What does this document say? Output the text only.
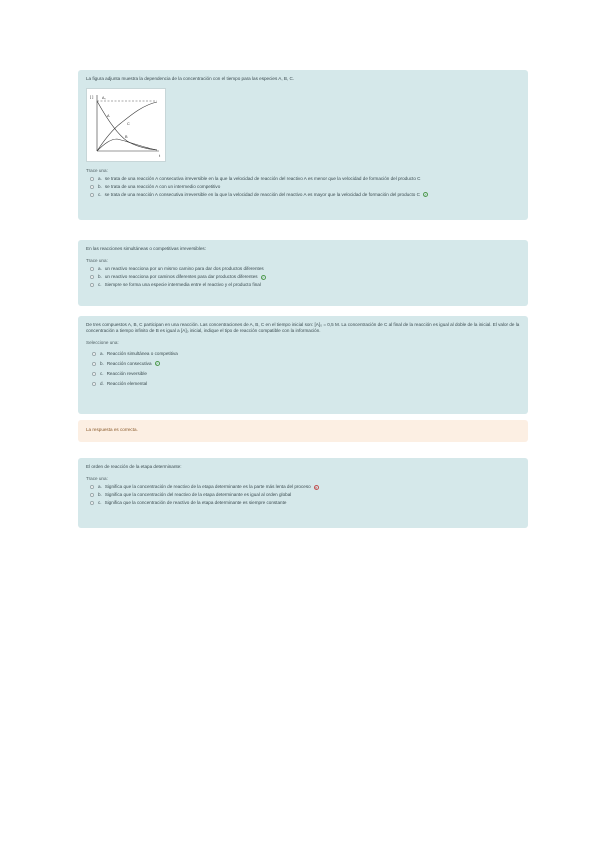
La figura adjunta muestra la dependencia de la concentración con el tiempo para las especies A, B, C.

[ ]
t
A₀
A
C
B
Trace una:
a. se trata de una reacción A consecutiva irreversible en la que la velocidad de reacción del reactivo A es menor que la velocidad de formación del producto C
b. se trata de una reacción A con un intermedio competitivo
c. se trata de una reacción A consecutiva irreversible en la que la velocidad de reacción del reactivo A es mayor que la velocidad de formación del producto C ✓

En las reacciones simultáneas o competitivas irreversibles:

Trace una:
a. un reactivo reacciona por un mismo camino para dar dos productos diferentes
b. un reactivo reacciona por caminos diferentes para dar productos diferentes ✓
c. Siempre se forma una especie intermedia entre el reactivo y el producto final

De tres compuestos A, B, C participan en una reacción. Las concentraciones de A, B, C en el tiempo inicial son: [A]₀ = 0,5 M. La concentración de C al final de la reacción es igual al doble de la inicial. El valor de la concentración a tiempo infinito de B es igual a [A]₀ inicial, indique el tipo de reacción compatible con la información.

Seleccione una:
a. Reacción simultánea o competitiva
b. Reacción consecutiva ✓
c. Reacción reversible
d. Reacción elemental
La respuesta es correcta.

El orden de reacción de la etapa determinante:

Trace una:
a. Significa que la concentración de reactivo de la etapa determinante es la parte más lenta del proceso ✕
b. Significa que la concentración del reactivo de la etapa determinante es igual al orden global
c. Significa que la concentración de reactivo de la etapa determinante es siempre constante
